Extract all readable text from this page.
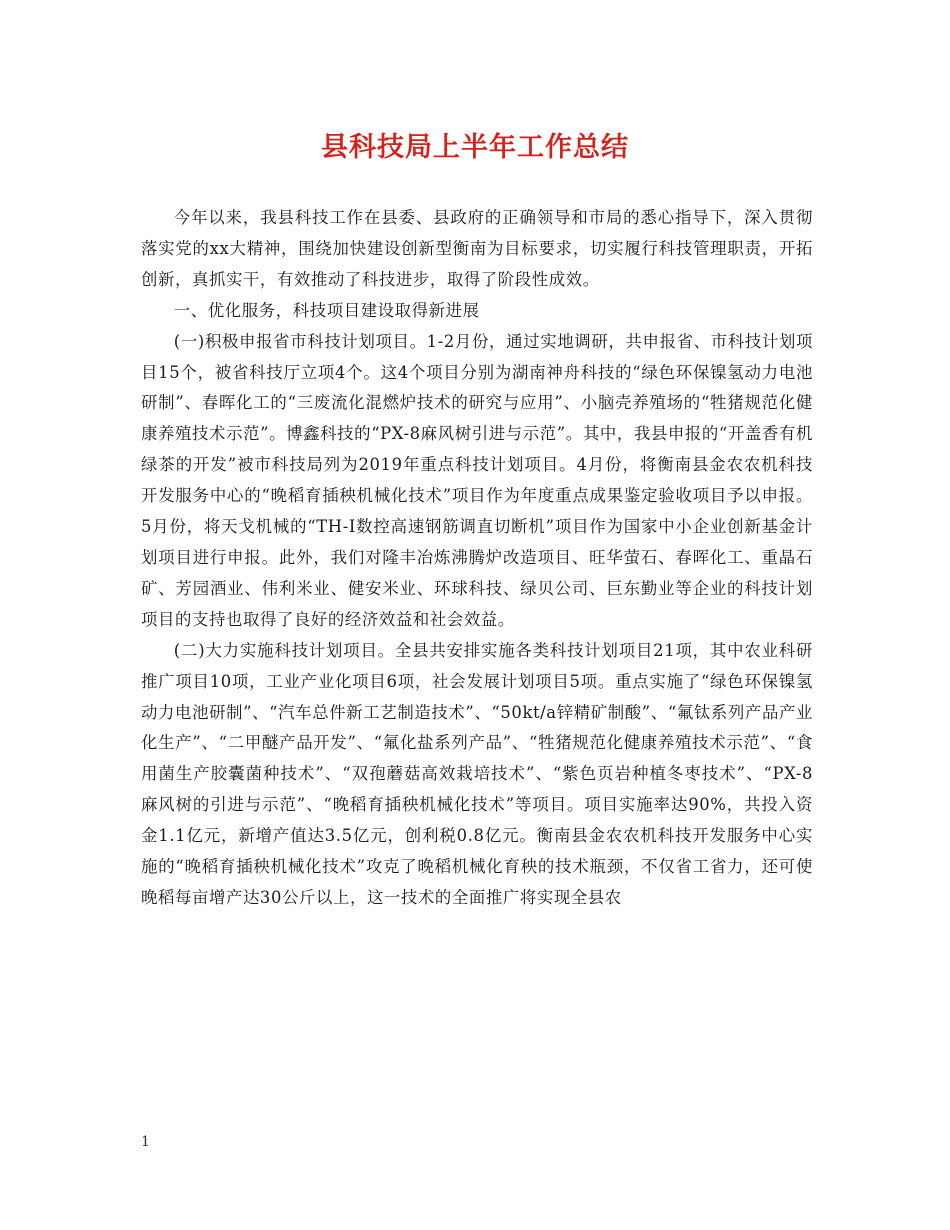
县科技局上半年工作总结

今年以来，我县科技工作在县委、县政府的正确领导和市局的悉心指导下，深入贯彻落实党的xx大精神，围绕加快建设创新型衡南为目标要求，切实履行科技管理职责，开拓创新，真抓实干，有效推动了科技进步，取得了阶段性成效。

一、优化服务，科技项目建设取得新进展

(一)积极申报省市科技计划项目。1-2月份，通过实地调研，共申报省、市科技计划项目15个，被省科技厅立项4个。这4个项目分别为湖南神舟科技的“绿色环保镍氢动力电池研制”、春晖化工的“三废流化混燃炉技术的研究与应用”、小脑壳养殖场的“牲猪规范化健康养殖技术示范”。博鑫科技的“PX-8麻风树引进与示范”。其中，我县申报的“开盖香有机绿茶的开发”被市科技局列为2019年重点科技计划项目。4月份，将衡南县金农农机科技开发服务中心的“晚稻育插秧机械化技术”项目作为年度重点成果鉴定验收项目予以申报。5月份，将天戈机械的“TH-I数控高速钢筋调直切断机”项目作为国家中小企业创新基金计划项目进行申报。此外，我们对隆丰冶炼沸腾炉改造项目、旺华萤石、春晖化工、重晶石矿、芳园酒业、伟利米业、健安米业、环球科技、绿贝公司、巨东勤业等企业的科技计划项目的支持也取得了良好的经济效益和社会效益。

(二)大力实施科技计划项目。全县共安排实施各类科技计划项目21项，其中农业科研推广项目10项，工业产业化项目6项，社会发展计划项目5项。重点实施了“绿色环保镍氢动力电池研制”、“汽车总件新工艺制造技术”、“50kt/a锌精矿制酸”、“氟钛系列产品产业化生产”、“二甲醚产品开发”、“氟化盐系列产品”、“牲猪规范化健康养殖技术示范”、“食用菌生产胶囊菌种技术”、“双孢蘑菇高效栽培技术”、“紫色页岩种植冬枣技术”、“PX-8麻风树的引进与示范”、“晚稻育插秧机械化技术”等项目。项目实施率达90%，共投入资金1.1亿元，新增产值达3.5亿元，创利税0.8亿元。衡南县金农农机科技开发服务中心实施的“晚稻育插秧机械化技术”攻克了晚稻机械化育秧的技术瓶颈，不仅省工省力，还可使晚稻每亩增产达30公斤以上，这一技术的全面推广将实现全县农

1
